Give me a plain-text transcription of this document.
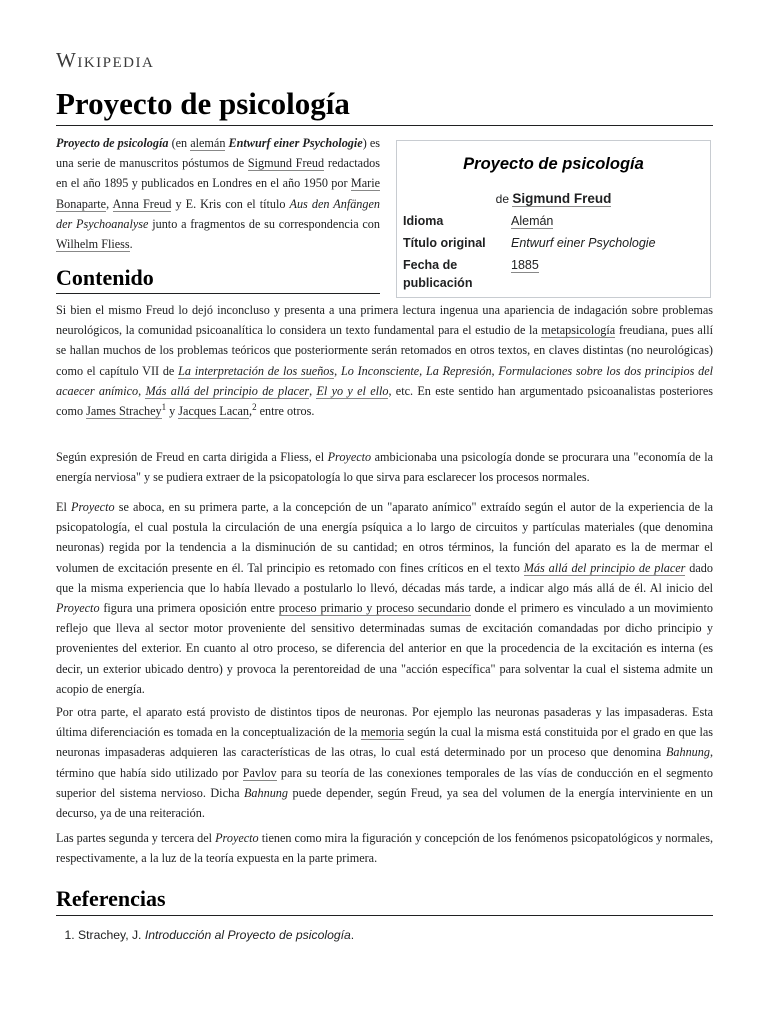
Wikipedia
Proyecto de psicología
Proyecto de psicología (en alemán Entwurf einer Psychologie) es una serie de manuscritos póstumos de Sigmund Freud redactados en el año 1895 y publicados en Londres en el año 1950 por Marie Bonaparte, Anna Freud y E. Kris con el título Aus den Anfängen der Psychoanalyse junto a fragmentos de su correspondencia con Wilhelm Fliess.
Proyecto de psicología
de Sigmund Freud
Idioma	Alemán
Título original	Entwurf einer Psychologie
Fecha de publicación
1885
Contenido
Si bien el mismo Freud lo dejó inconcluso y presenta a una primera lectura ingenua una apariencia de indagación sobre problemas neurológicos, la comunidad psicoanalítica lo considera un texto fundamental para el estudio de la metapsicología freudiana, pues allí se hallan muchos de los problemas teóricos que posteriormente serán retomados en otros textos, en claves distintas (no neurológicas) como el capítulo VII de La interpretación de los sueños, Lo Inconsciente, La Represión, Formulaciones sobre los dos principios del acaecer anímico, Más allá del principio de placer, El yo y el ello, etc. En este sentido han argumentado psicoanalistas posteriores como James Strachey$^1$ y Jacques Lacan,$^2$ entre otros.
Según expresión de Freud en carta dirigida a Fliess, el Proyecto ambicionaba una psicología donde se procurara una "economía de la energía nerviosa" y se pudiera extraer de la psicopatología lo que sirva para esclarecer los procesos normales.
El Proyecto se aboca, en su primera parte, a la concepción de un "aparato anímico" extraído según el autor de la experiencia de la psicopatología, el cual postula la circulación de una energía psíquica a lo largo de circuitos y partículas materiales (que denomina neuronas) regida por la tendencia a la disminución de su cantidad; en otros términos, la función del aparato es la de mermar el volumen de excitación presente en él. Tal principio es retomado con fines críticos en el texto Más allá del principio de placer dado que la misma experiencia que lo había llevado a postularlo lo llevó, décadas más tarde, a indicar algo más allá de él. Al inicio del Proyecto figura una primera oposición entre proceso primario y proceso secundario donde el primero es vinculado a un movimiento reflejo que lleva al sector motor proveniente del sensitivo determinadas sumas de excitación comandadas por dicho principio y provenientes del exterior. En cuanto al otro proceso, se diferencia del anterior en que la procedencia de la excitación es interna (es decir, un exterior ubicado dentro) y provoca la perentoreidad de una "acción específica" para solventar la cual el sistema admite un acopio de energía.
Por otra parte, el aparato está provisto de distintos tipos de neuronas. Por ejemplo las neuronas pasaderas y las impasaderas. Esta última diferenciación es tomada en la conceptualización de la memoria según la cual la misma está constituida por el grado en que las neuronas impasaderas adquieren las características de las otras, lo cual está determinado por un proceso que denomina Bahnung, término que había sido utilizado por Pavlov para su teoría de las conexiones temporales de las vías de conducción en el segmento superior del sistema nervioso. Dicha Bahnung puede depender, según Freud, ya sea del volumen de la energía interviniente en un decurso, ya de una reiteración.
Las partes segunda y tercera del Proyecto tienen como mira la figuración y concepción de los fenómenos psicopatológicos y normales, respectivamente, a la luz de la teoría expuesta en la parte primera.
Referencias
1. Strachey, J. Introducción al Proyecto de psicología.
